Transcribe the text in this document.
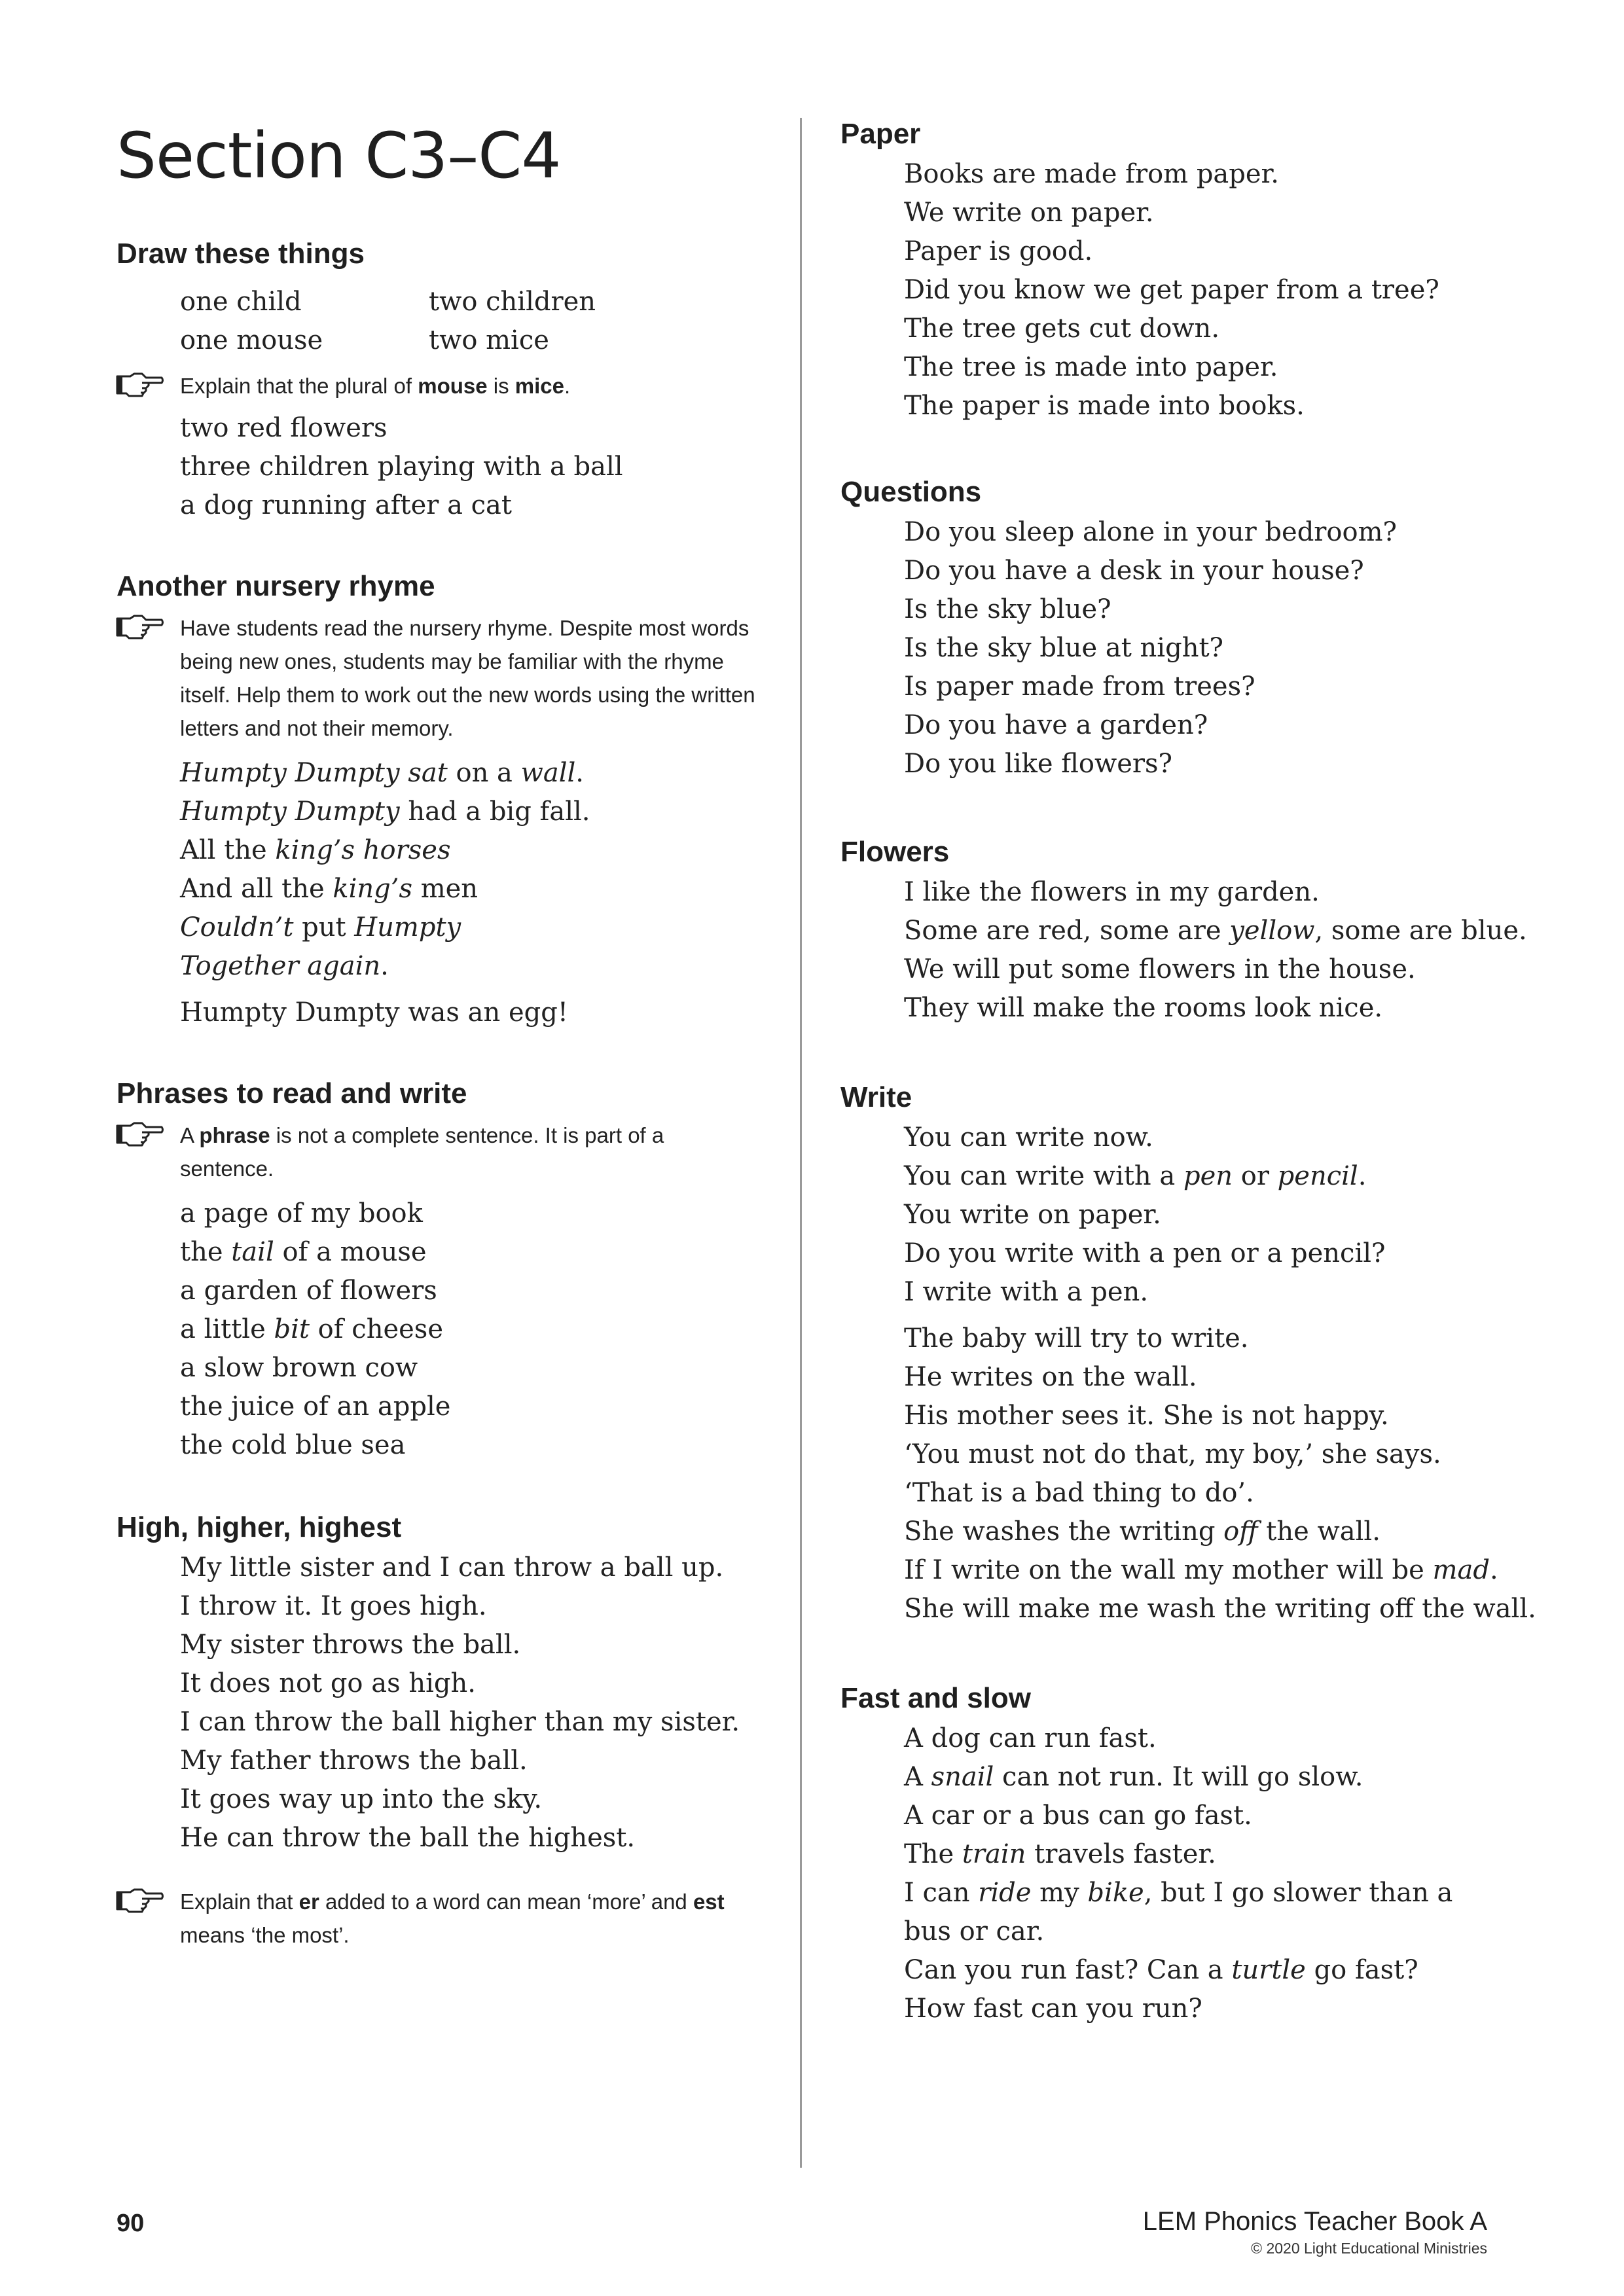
Section C3–C4
Draw these things
one child	two children
one mouse	two mice
Explain that the plural of mouse is mice.
two red flowers
three children playing with a ball
a dog running after a cat
Another nursery rhyme
Have students read the nursery rhyme. Despite most words being new ones, students may be familiar with the rhyme itself. Help them to work out the new words using the written letters and not their memory.
Humpty Dumpty sat on a wall.
Humpty Dumpty had a big fall.
All the king’s horses
And all the king’s men
Couldn’t put Humpty
Together again.
Humpty Dumpty was an egg!
Phrases to read and write
A phrase is not a complete sentence. It is part of a sentence.
a page of my book
the tail of a mouse
a garden of flowers
a little bit of cheese
a slow brown cow
the juice of an apple
the cold blue sea
High, higher, highest
My little sister and I can throw a ball up.
I throw it. It goes high.
My sister throws the ball.
It does not go as high.
I can throw the ball higher than my sister.
My father throws the ball.
It goes way up into the sky.
He can throw the ball the highest.
Explain that er added to a word can mean ‘more’ and est means ‘the most’.
Paper
Books are made from paper.
We write on paper.
Paper is good.
Did you know we get paper from a tree?
The tree gets cut down.
The tree is made into paper.
The paper is made into books.
Questions
Do you sleep alone in your bedroom?
Do you have a desk in your house?
Is the sky blue?
Is the sky blue at night?
Is paper made from trees?
Do you have a garden?
Do you like flowers?
Flowers
I like the flowers in my garden.
Some are red, some are yellow, some are blue.
We will put some flowers in the house.
They will make the rooms look nice.
Write
You can write now.
You can write with a pen or pencil.
You write on paper.
Do you write with a pen or a pencil?
I write with a pen.
The baby will try to write.
He writes on the wall.
His mother sees it. She is not happy.
‘You must not do that, my boy,’ she says.
‘That is a bad thing to do’.
She washes the writing off the wall.
If I write on the wall my mother will be mad.
She will make me wash the writing off the wall.
Fast and slow
A dog can run fast.
A snail can not run. It will go slow.
A car or a bus can go fast.
The train travels faster.
I can ride my bike, but I go slower than a
bus or car.
Can you run fast? Can a turtle go fast?
How fast can you run?
90	LEM Phonics Teacher Book A
© 2020 Light Educational Ministries
